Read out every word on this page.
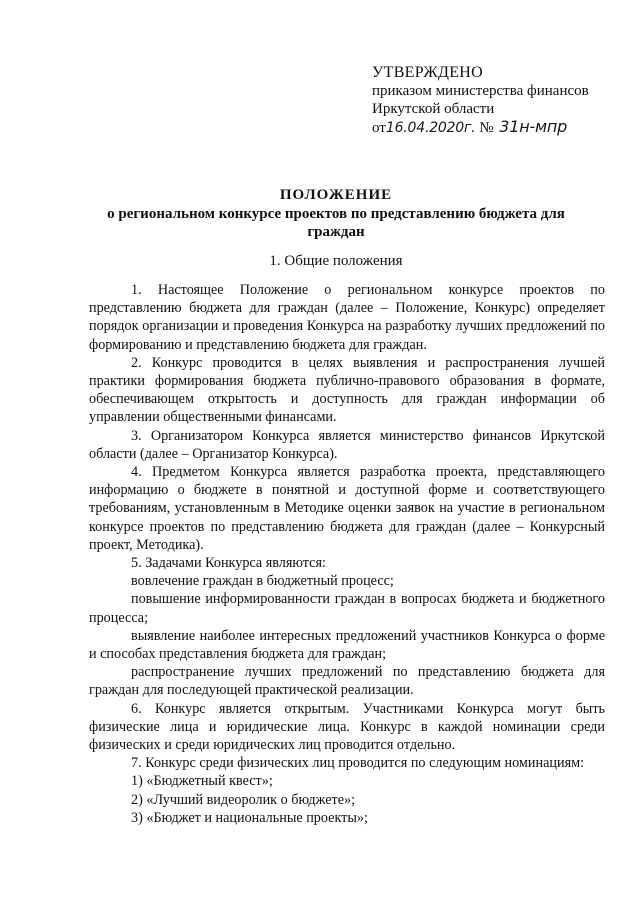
УТВЕРЖДЕНО
приказом министерства финансов
Иркутской области
от16.04.2020г. № 31н-мпр
ПОЛОЖЕНИЕ
о региональном конкурсе проектов по представлению бюджета для граждан
1. Общие положения

1. Настоящее Положение о региональном конкурсе проектов по представлению бюджета для граждан (далее – Положение, Конкурс) определяет порядок организации и проведения Конкурса на разработку лучших предложений по формированию и представлению бюджета для граждан.

2. Конкурс проводится в целях выявления и распространения лучшей практики формирования бюджета публично-правового образования в формате, обеспечивающем открытость и доступность для граждан информации об управлении общественными финансами.

3. Организатором Конкурса является министерство финансов Иркутской области (далее – Организатор Конкурса).

4. Предметом Конкурса является разработка проекта, представляющего информацию о бюджете в понятной и доступной форме и соответствующего требованиям, установленным в Методике оценки заявок на участие в региональном конкурсе проектов по представлению бюджета для граждан (далее – Конкурсный проект, Методика).

5. Задачами Конкурса являются:

вовлечение граждан в бюджетный процесс;

повышение информированности граждан в вопросах бюджета и бюджетного процесса;

выявление наиболее интересных предложений участников Конкурса о форме и способах представления бюджета для граждан;

распространение лучших предложений по представлению бюджета для граждан для последующей практической реализации.

6. Конкурс является открытым. Участниками Конкурса могут быть физические лица и юридические лица. Конкурс в каждой номинации среди физических и среди юридических лиц проводится отдельно.

7. Конкурс среди физических лиц проводится по следующим номинациям:

1) «Бюджетный квест»;

2) «Лучший видеоролик о бюджете»;

3) «Бюджет и национальные проекты»;
